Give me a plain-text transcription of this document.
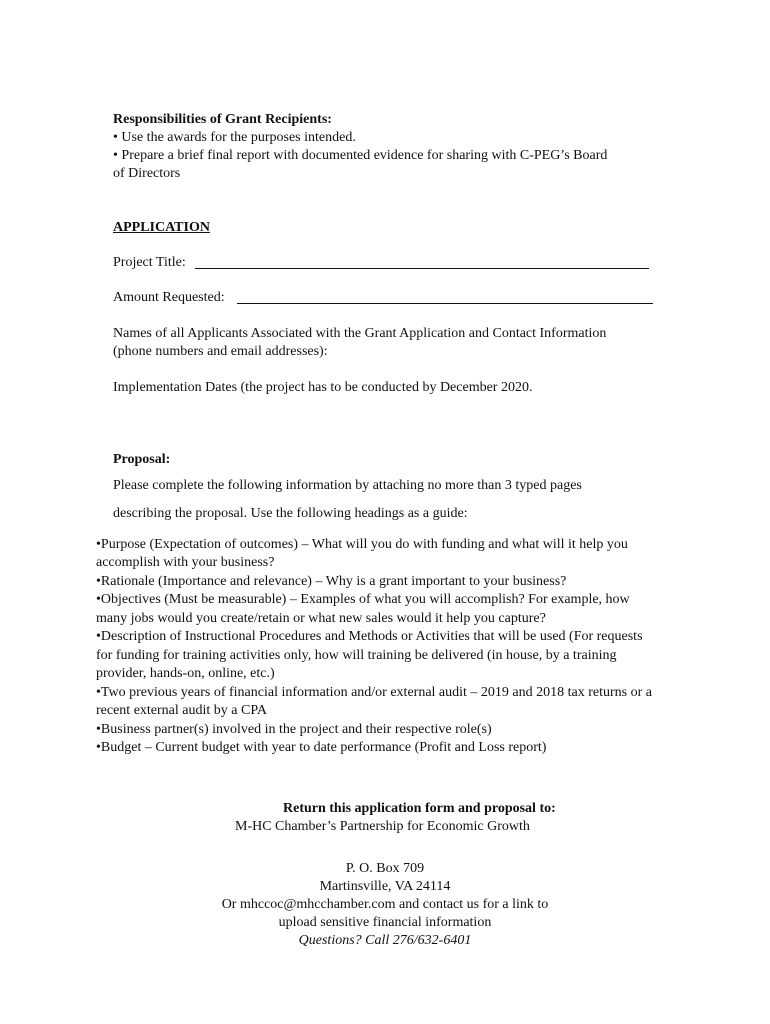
Responsibilities of Grant Recipients:
• Use the awards for the purposes intended.
• Prepare a brief final report with documented evidence for sharing with C-PEG’s Board
of Directors
APPLICATION
Project Title:
Amount Requested:
Names of all Applicants Associated with the Grant Application and Contact Information
(phone numbers and email addresses):
Implementation Dates (the project has to be conducted by December 2020.
Proposal:
Please complete the following information by attaching no more than 3 typed pages
describing the proposal. Use the following headings as a guide:
•Purpose (Expectation of outcomes) – What will you do with funding and what will it help you
accomplish with your business?
•Rationale (Importance and relevance) – Why is a grant important to your business?
•Objectives (Must be measurable) – Examples of what you will accomplish? For example, how
many jobs would you create/retain or what new sales would it help you capture?
•Description of Instructional Procedures and Methods or Activities that will be used (For requests
for funding for training activities only, how will training be delivered (in house, by a training
provider, hands-on, online, etc.)
•Two previous years of financial information and/or external audit – 2019 and 2018 tax returns or a
recent external audit by a CPA
•Business partner(s) involved in the project and their respective role(s)
•Budget – Current budget with year to date performance (Profit and Loss report)
Return this application form and proposal to:
M-HC Chamber’s Partnership for Economic Growth
P. O. Box 709
Martinsville, VA 24114
Or mhccoc@mhcchamber.com and contact us for a link to
upload sensitive financial information
Questions? Call 276/632-6401
